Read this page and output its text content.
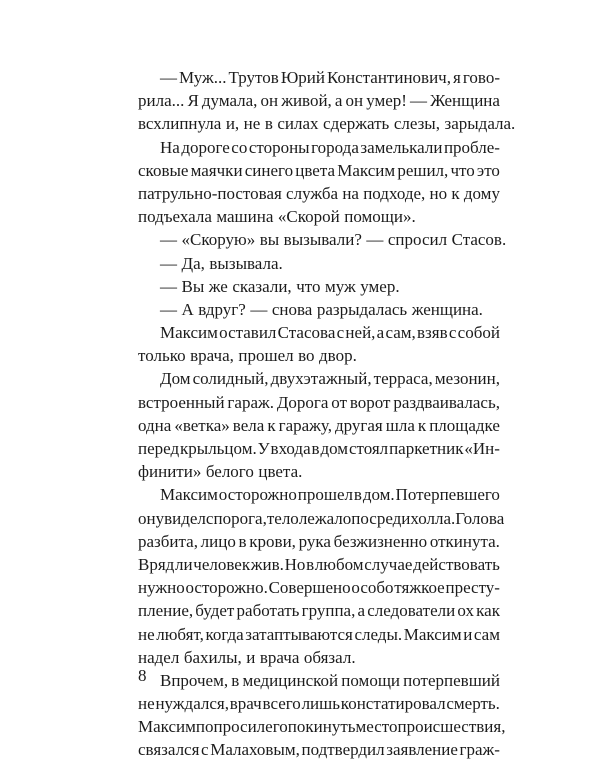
— Муж... Трутов Юрий Константинович, я гово-
рила... Я думала, он живой, а он умер! — Женщина
всхлипнула и, не в силах сдержать слезы, зарыдала.
На дороге со стороны города замелькали пробле-
сковые маячки синего цвета Максим решил, что это
патрульно-постовая служба на подходе, но к дому
подъехала машина «Скорой помощи».
— «Скорую» вы вызывали? — спросил Стасов.
— Да, вызывала.
— Вы же сказали, что муж умер.
— А вдруг? — снова разрыдалась женщина.
Максим оставил Стасова с ней, а сам, взяв с собой
только врача, прошел во двор.
Дом солидный, двухэтажный, терраса, мезонин,
встроенный гараж. Дорога от ворот раздваивалась,
одна «ветка» вела к гаражу, другая шла к площадке
перед крыльцом. У входа в дом стоял паркетник «Ин-
финити» белого цвета.
Максим осторожно прошел в дом. Потерпевшего
он увидел с порога, тело лежало посреди холла. Голова
разбита, лицо в крови, рука безжизненно откинута.
Вряд ли человек жив. Но в любом случае действовать
нужно осторожно. Совершено особо тяжкое престу-
пление, будет работать группа, а следователи ох как
не любят, когда затаптываются следы. Максим и сам
надел бахилы, и врача обязал.
Впрочем, в медицинской помощи потерпевший
не нуждался, врач всего лишь констатировал смерть.
Максим попросил его покинуть место происшествия,
связался с Малаховым, подтвердил заявление граж-
8
